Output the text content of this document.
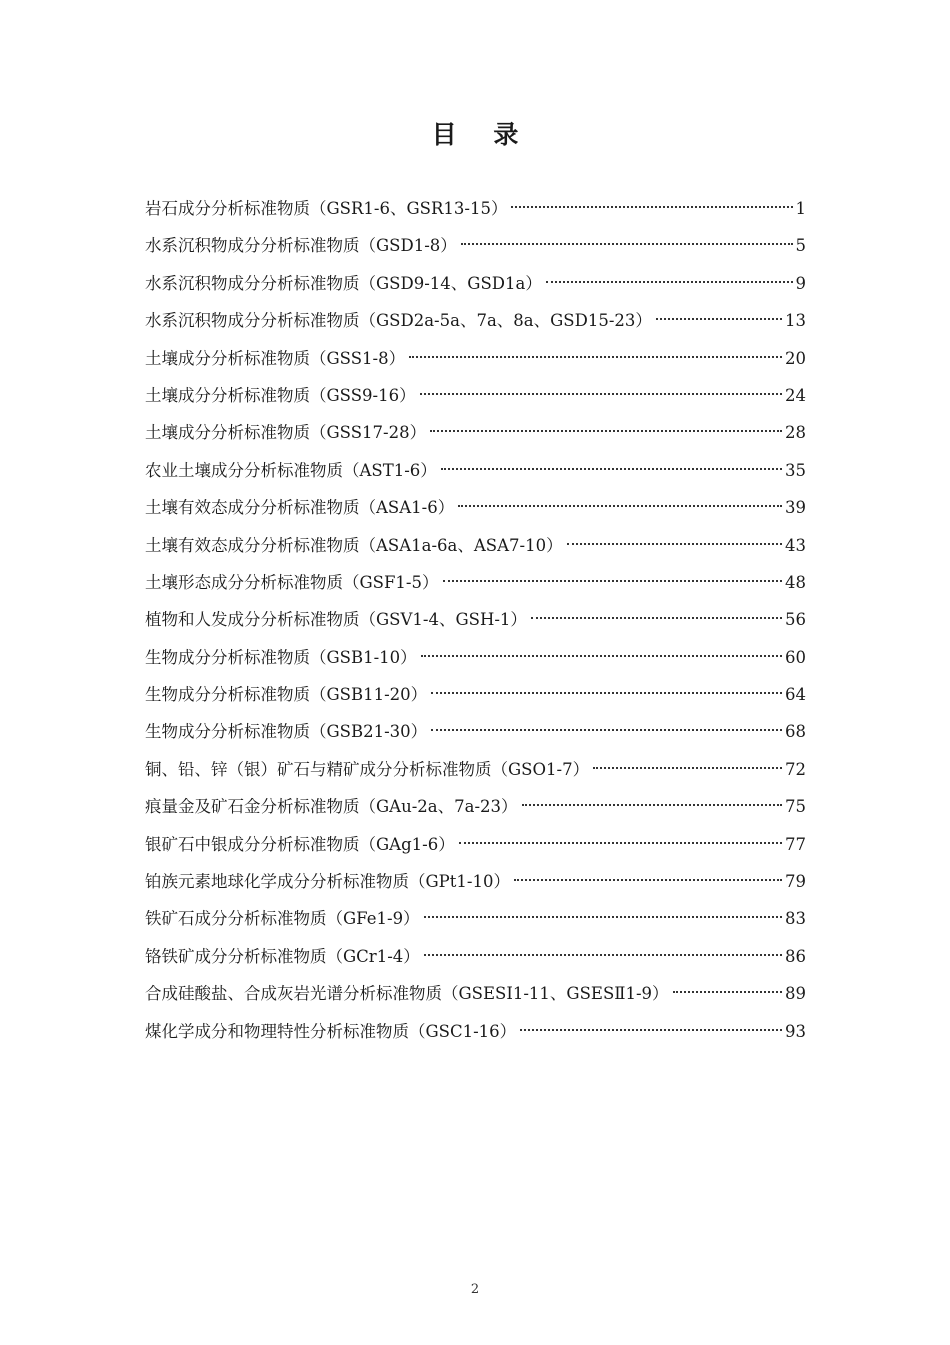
目 录
岩石成分分析标准物质（GSR1-6、GSR13-15）	1
水系沉积物成分分析标准物质（GSD1-8）	5
水系沉积物成分分析标准物质（GSD9-14、GSD1a）	9
水系沉积物成分分析标准物质（GSD2a-5a、7a、8a、GSD15-23）	13
土壤成分分析标准物质（GSS1-8）	20
土壤成分分析标准物质（GSS9-16）	24
土壤成分分析标准物质（GSS17-28）	28
农业土壤成分分析标准物质（AST1-6）	35
土壤有效态成分分析标准物质（ASA1-6）	39
土壤有效态成分分析标准物质（ASA1a-6a、ASA7-10）	43
土壤形态成分分析标准物质（GSF1-5）	48
植物和人发成分分析标准物质（GSV1-4、GSH-1）	56
生物成分分析标准物质（GSB1-10）	60
生物成分分析标准物质（GSB11-20）	64
生物成分分析标准物质（GSB21-30）	68
铜、铅、锌（银）矿石与精矿成分分析标准物质（GSO1-7）	72
痕量金及矿石金分析标准物质（GAu-2a、7a-23）	75
银矿石中银成分分析标准物质（GAg1-6）	77
铂族元素地球化学成分分析标准物质（GPt1-10）	79
铁矿石成分分析标准物质（GFe1-9）	83
铬铁矿成分分析标准物质（GCr1-4）	86
合成硅酸盐、合成灰岩光谱分析标准物质（GSESⅠ1-11、GSESⅡ1-9）	89
煤化学成分和物理特性分析标准物质（GSC1-16）	93
2
